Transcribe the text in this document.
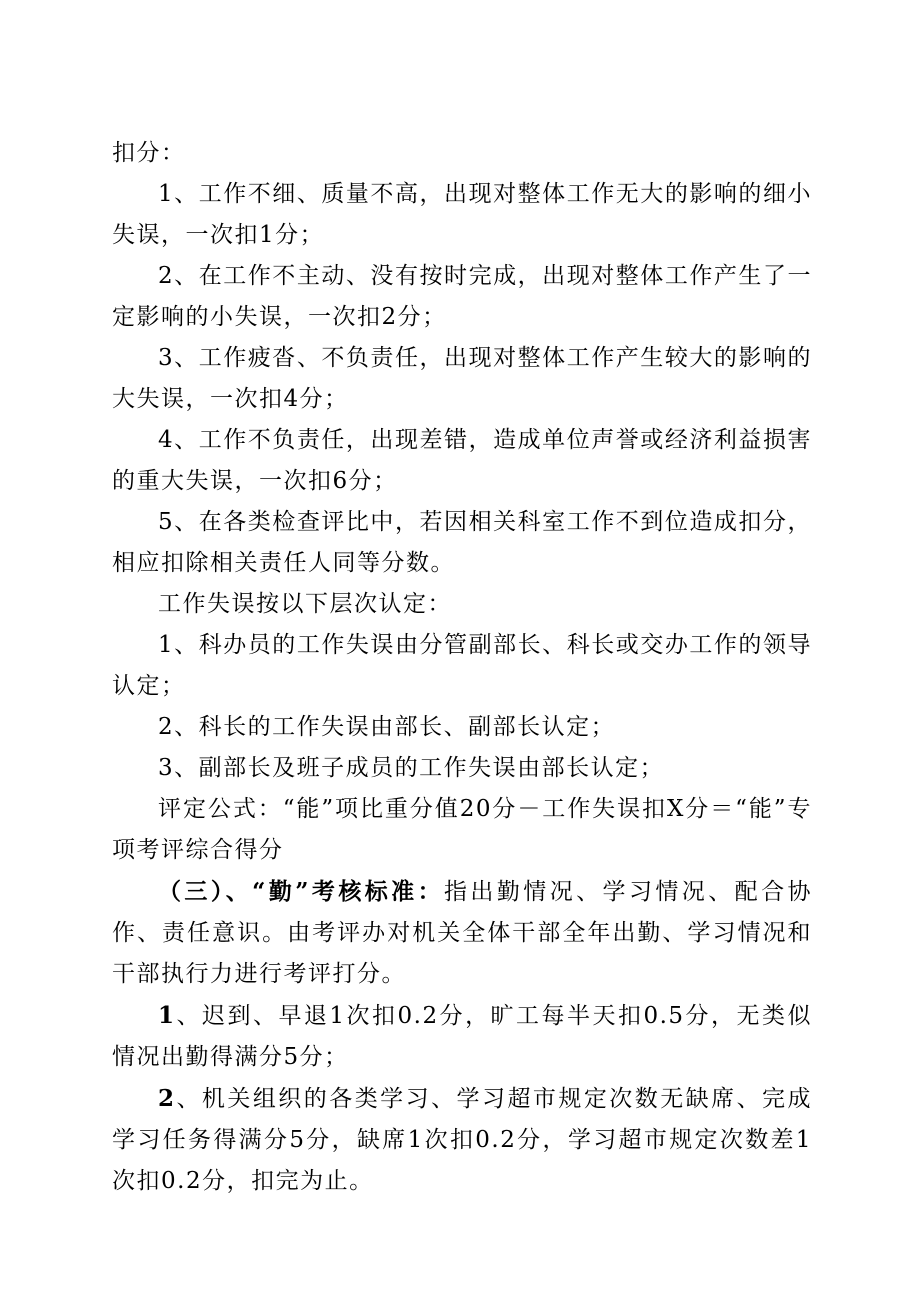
扣分：

1、工作不细、质量不高，出现对整体工作无大的影响的细小失误，一次扣1分；

2、在工作不主动、没有按时完成，出现对整体工作产生了一定影响的小失误，一次扣2分；

3、工作疲沓、不负责任，出现对整体工作产生较大的影响的大失误，一次扣4分；

4、工作不负责任，出现差错，造成单位声誉或经济利益损害的重大失误，一次扣6分；

5、在各类检查评比中，若因相关科室工作不到位造成扣分，相应扣除相关责任人同等分数。

工作失误按以下层次认定：

1、科办员的工作失误由分管副部长、科长或交办工作的领导认定；

2、科长的工作失误由部长、副部长认定；

3、副部长及班子成员的工作失误由部长认定；

评定公式：“能”项比重分值20分－工作失误扣X分＝“能”专项考评综合得分

（三）、“勤”考核标准：指出勤情况、学习情况、配合协作、责任意识。由考评办对机关全体干部全年出勤、学习情况和干部执行力进行考评打分。

1、迟到、早退1次扣0.2分，旷工每半天扣0.5分，无类似情况出勤得满分5分；

2、机关组织的各类学习、学习超市规定次数无缺席、完成学习任务得满分5分，缺席1次扣0.2分，学习超市规定次数差1次扣0.2分，扣完为止。
